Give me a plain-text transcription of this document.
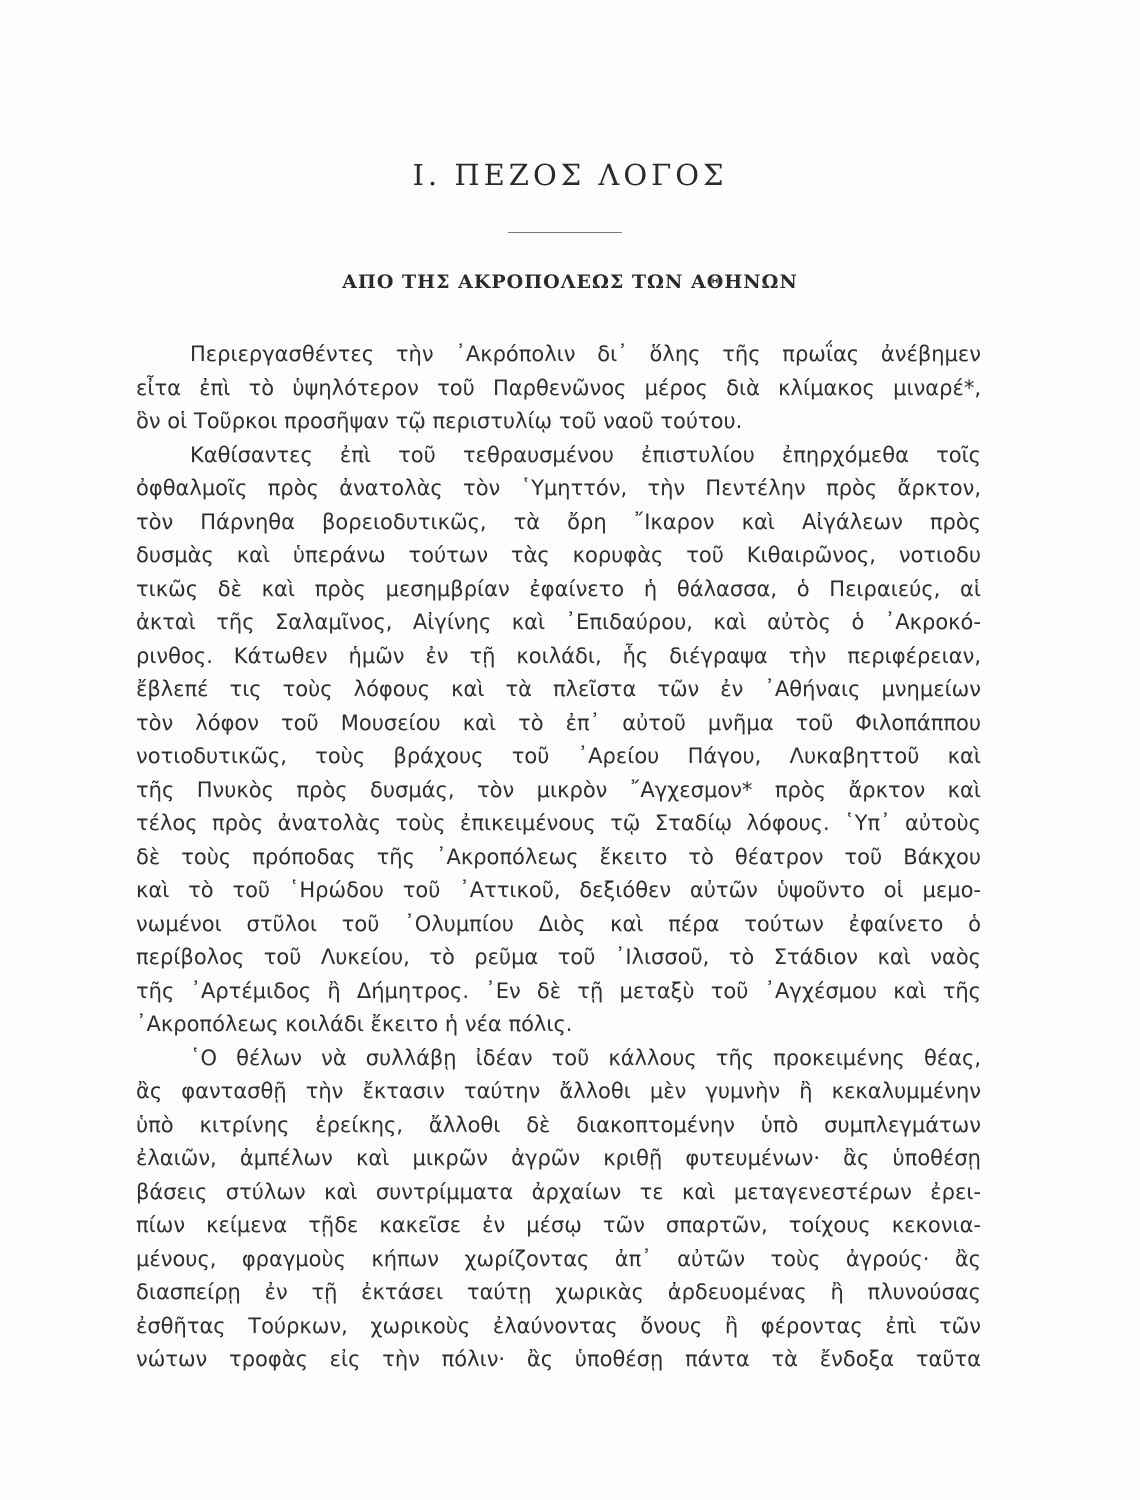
Ι. ΠΕΖΟΣ ΛΟΓΟΣ
ΑΠΟ ΤΗΣ ΑΚΡΟΠΟΛΕΩΣ ΤΩΝ ΑΘΗΝΩΝ
Περιεργασθέντες τὴν ᾿Ακρόπολιν δι᾿ ὅλης τῆς πρωΐας ἀνέβημεν
εἶτα ἐπὶ τὸ ὑψηλότερον τοῦ Παρθενῶνος μέρος διὰ κλίμακος μιναρέ*,
ὃν οἱ Τοῦρκοι προσῆψαν τῷ περιστυλίῳ τοῦ ναοῦ τούτου.
Καθίσαντες ἐπὶ τοῦ τεθραυσμένου ἐπιστυλίου ἐπηρχόμεθα τοῖς
ὀφθαλμοῖς πρὸς ἀνατολὰς τὸν ῾Υμηττόν, τὴν Πεντέλην πρὸς ἄρκτον,
τὸν Πάρνηθα βορειοδυτικῶς, τὰ ὄρη ῎Ικαρον καὶ Αἰγάλεων πρὸς
δυσμὰς καὶ ὑπεράνω τούτων τὰς κορυφὰς τοῦ Κιθαιρῶνος, νοτιοδυ
τικῶς δὲ καὶ πρὸς μεσημβρίαν ἐφαίνετο ἡ θάλασσα, ὁ Πειραιεύς, αἱ
ἀκταὶ τῆς Σαλαμῖνος, Αἰγίνης καὶ ᾿Επιδαύρου, καὶ αὐτὸς ὁ ᾿Ακροκό-
ρινθος. Κάτωθεν ἡμῶν ἐν τῇ κοιλάδι, ἧς διέγραψα τὴν περιφέρειαν,
ἔβλεπέ τις τοὺς λόφους καὶ τὰ πλεῖστα τῶν ἐν ᾿Αθήναις μνημείων
τὸν λόφον τοῦ Μουσείου καὶ τὸ ἐπ᾿ αὐτοῦ μνῆμα τοῦ Φιλοπάππου
νοτιοδυτικῶς, τοὺς βράχους τοῦ ᾿Αρείου Πάγου, Λυκαβηττοῦ καὶ
τῆς Πνυκὸς πρὸς δυσμάς, τὸν μικρὸν ῎Αγχεσμον* πρὸς ἄρκτον καὶ
τέλος πρὸς ἀνατολὰς τοὺς ἐπικειμένους τῷ Σταδίῳ λόφους. ῾Υπ᾿ αὐτοὺς
δὲ τοὺς πρόποδας τῆς ᾿Ακροπόλεως ἔκειτο τὸ θέατρον τοῦ Βάκχου
καὶ τὸ τοῦ ῾Ηρώδου τοῦ ᾿Αττικοῦ, δεξιόθεν αὐτῶν ὑψοῦντο οἱ μεμο-
νωμένοι στῦλοι τοῦ ᾿Ολυμπίου Διὸς καὶ πέρα τούτων ἐφαίνετο ὁ
περίβολος τοῦ Λυκείου, τὸ ρεῦμα τοῦ ᾿Ιλισσοῦ, τὸ Στάδιον καὶ ναὸς
τῆς ᾿Αρτέμιδος ἢ Δήμητρος. ᾿Εν δὲ τῇ μεταξὺ τοῦ ᾿Αγχέσμου καὶ τῆς
᾿Ακροπόλεως κοιλάδι ἔκειτο ἡ νέα πόλις.
῾Ο θέλων νὰ συλλάβῃ ἰδέαν τοῦ κάλλους τῆς προκειμένης θέας,
ἂς φαντασθῇ τὴν ἔκτασιν ταύτην ἄλλοθι μὲν γυμνὴν ἢ κεκαλυμμένην
ὑπὸ κιτρίνης ἐρείκης, ἄλλοθι δὲ διακοπτομένην ὑπὸ συμπλεγμάτων
ἐλαιῶν, ἀμπέλων καὶ μικρῶν ἀγρῶν κριθῇ φυτευμένων· ἂς ὑποθέσῃ
βάσεις στύλων καὶ συντρίμματα ἀρχαίων τε καὶ μεταγενεστέρων ἐρει-
πίων κείμενα τῇδε κακεῖσε ἐν μέσῳ τῶν σπαρτῶν, τοίχους κεκονια-
μένους, φραγμοὺς κήπων χωρίζοντας ἀπ᾿ αὐτῶν τοὺς ἀγρούς· ἂς
διασπείρῃ ἐν τῇ ἐκτάσει ταύτῃ χωρικὰς ἀρδευομένας ἢ πλυνούσας
ἐσθῆτας Τούρκων, χωρικοὺς ἐλαύνοντας ὄνους ἢ φέροντας ἐπὶ τῶν
νώτων τροφὰς εἰς τὴν πόλιν· ἂς ὑποθέσῃ πάντα τὰ ἔνδοξα ταῦτα
